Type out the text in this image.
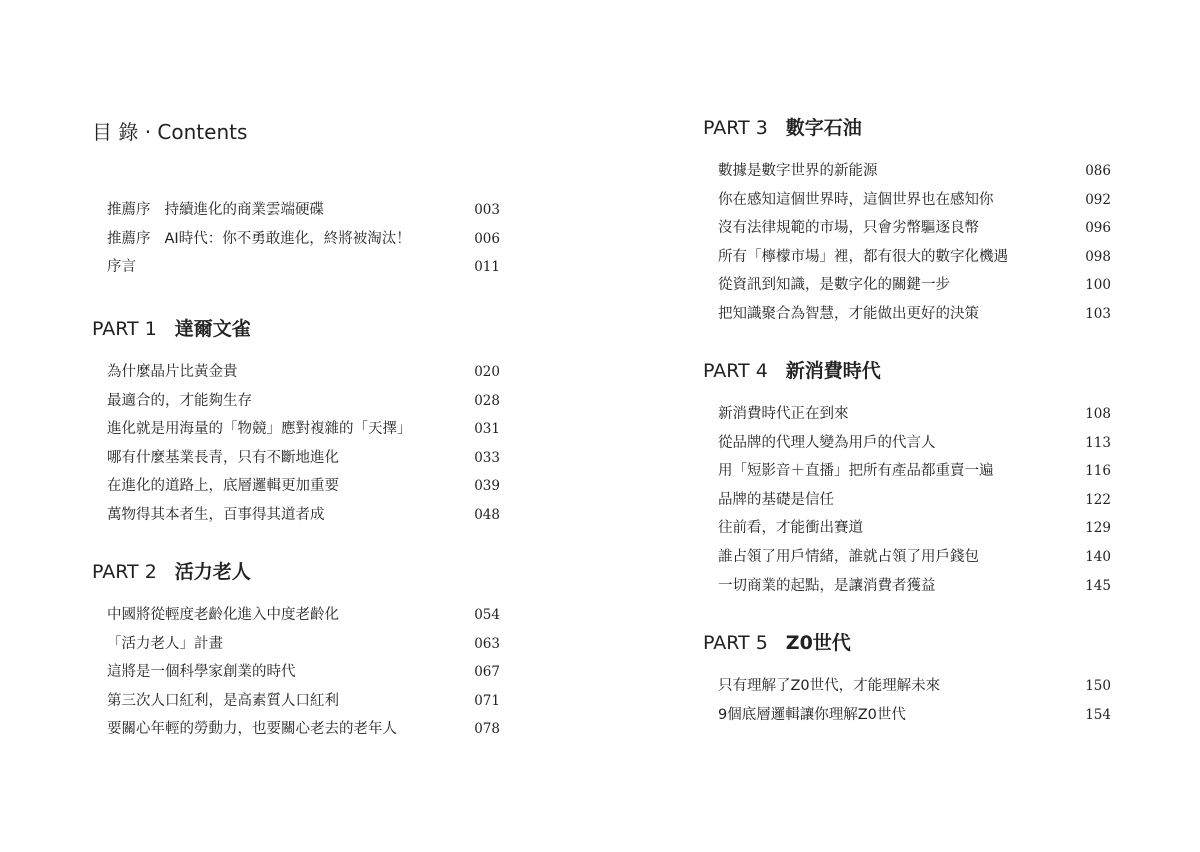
目 錄 · Contents
推薦序 持續進化的商業雲端硬碟	003
推薦序 AI時代：你不勇敢進化，終將被淘汰！	006
序言	011
PART 1 達爾文雀
為什麼晶片比黃金貴	020
最適合的，才能夠生存	028
進化就是用海量的「物競」應對複雜的「天擇」	031
哪有什麼基業長青，只有不斷地進化	033
在進化的道路上，底層邏輯更加重要	039
萬物得其本者生，百事得其道者成	048
PART 2 活力老人
中國將從輕度老齡化進入中度老齡化	054
「活力老人」計畫	063
這將是一個科學家創業的時代	067
第三次人口紅利，是高素質人口紅利	071
要關心年輕的勞動力，也要關心老去的老年人	078
PART 3 數字石油
數據是數字世界的新能源	086
你在感知這個世界時，這個世界也在感知你	092
沒有法律規範的市場，只會劣幣驅逐良幣	096
所有「檸檬市場」裡，都有很大的數字化機遇	098
從資訊到知識，是數字化的關鍵一步	100
把知識聚合為智慧，才能做出更好的決策	103
PART 4 新消費時代
新消費時代正在到來	108
從品牌的代理人變為用戶的代言人	113
用「短影音＋直播」把所有產品都重賣一遍	116
品牌的基礎是信任	122
往前看，才能衝出賽道	129
誰占領了用戶情緒，誰就占領了用戶錢包	140
一切商業的起點，是讓消費者獲益	145
PART 5 Z0世代
只有理解了Z0世代，才能理解未來	150
9個底層邏輯讓你理解Z0世代	154
